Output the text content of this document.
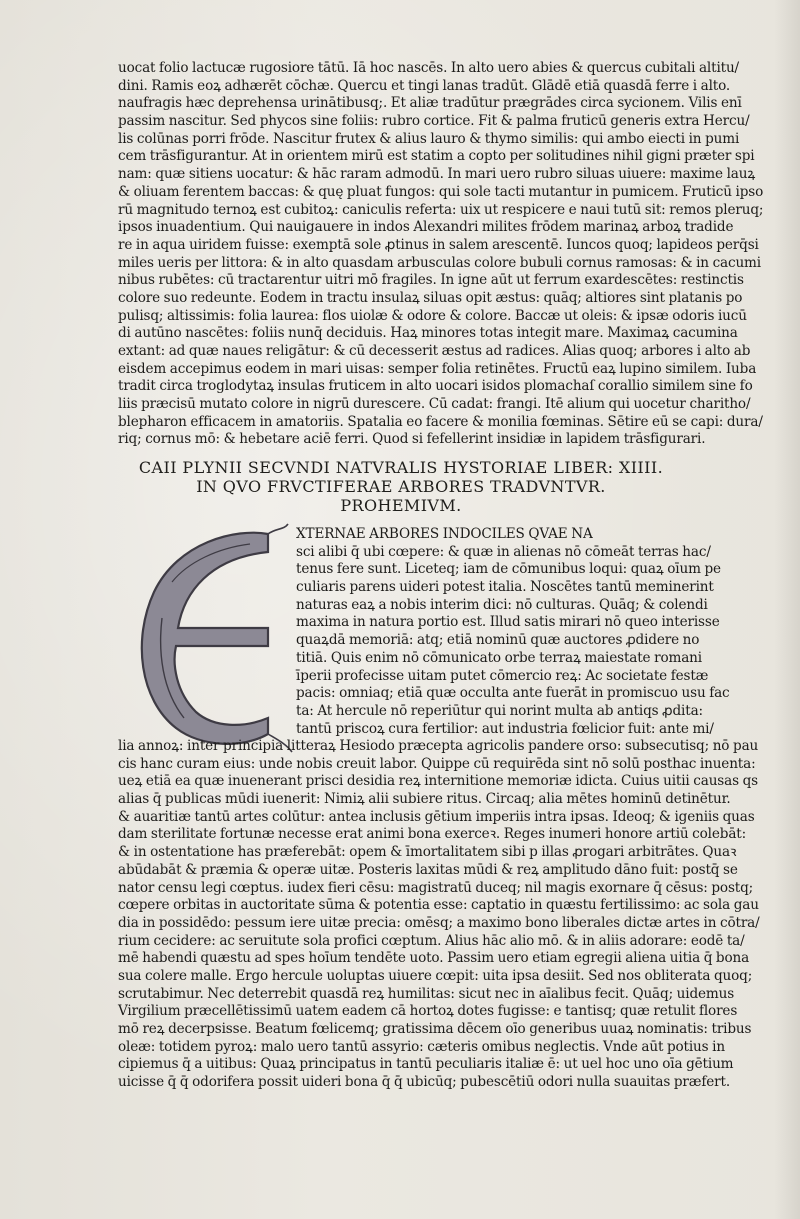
uocat folio lactucæ rugosiore tātū. Iā hoc nascēs. In alto uero abies & quercus cubitali altitu/
dini. Ramis eoꝝ adhærēt cōchæ. Quercu et tingi lanas tradūt. Glādē etiā quasdā ferre i alto.
naufragis hæc deprehensa urinātibusq;. Et aliæ tradūtur prægrādes circa sycionem. Vilis enī
passim nascitur. Sed phycos sine foliis: rubro cortice. Fit & palma fruticū generis extra Hercu/
lis colūnas porri frōde. Nascitur frutex & alius lauro & thymo similis: qui ambo eiecti in pumi
cem trāsfigurantur. At in orientem mirū est statim a copto per solitudines nihil gigni præter spi
nam: quæ sitiens uocatur: & hāc raram admodū. In mari uero rubro siluas uiuere: maxime lauꝝ
& oliuam ferentem baccas: & quę pluat fungos: qui sole tacti mutantur in pumicem. Fruticū ipso
rū magnitudo ternoꝝ est cubitoꝝ: caniculis referta: uix ut respicere e naui tutū sit: remos pleruq;
ipsos inuadentium. Qui nauigauere in indos Alexandri milites frōdem marinaꝝ arboꝝ tradide
re in aqua uiridem fuisse: exemptā sole ꝓtinus in salem arescentē. Iuncos quoq; lapideos perq̄si
miles ueris per littora: & in alto quasdam arbusculas colore bubuli cornus ramosas: & in cacumi
nibus rubētes: cū tractarentur uitri mō fragiles. In igne aūt ut ferrum exardescētes: restinctis
colore suo redeunte. Eodem in tractu insulaꝝ siluas opit æstus: quāq; altiores sint platanis po
pulisq; altissimis: folia laurea: flos uiolæ & odore & colore. Baccæ ut oleis: & ipsæ odoris iucū
di autūno nascētes: foliis nunq̄ deciduis. Haꝝ minores totas integit mare. Maximaꝝ cacumina
extant: ad quæ naues religātur: & cū decesserit æstus ad radices. Alias quoq; arbores i alto ab
eisdem accepimus eodem in mari uisas: semper folia retinētes. Fructū eaꝝ lupino similem. Iuba
tradit circa troglodytaꝝ insulas fruticem in alto uocari isidos plomachaſ corallio similem sine fo
liis præcisū mutato colore in nigrū durescere. Cū cadat: frangi. Itē alium qui uocetur charitho/
blepharon efficacem in amatoriis. Spatalia eo facere & monilia fœminas. Sētire eū se capi: dura/
riq; cornus mō: & hebetare aciē ferri. Quod si fefellerint insidiæ in lapidem trāsfigurari.
CAII PLYNII SECVNDI NATVRALIS HYSTORIAE LIBER: XIIII.
IN QVO FRVCTIFERAE ARBORES TRADVNTVR.
PROHEMIVM.
XTERNAE ARBORES INDOCILES QVAE NA
sci alibi q̄ ubi cœpere: & quæ in alienas nō cōmeāt terras hac/
tenus fere sunt. Liceteq; iam de cōmunibus loqui: quaꝝ oīum pe
culiaris parens uideri potest italia. Noscētes tantū meminerint
naturas eaꝝ a nobis interim dici: nō culturas. Quāq; & colendi
maxima in natura portio est. Illud satis mirari nō queo interisse
quaꝝdā memoriā: atq; etiā nominū quæ auctores ꝓdidere no
titiā. Quis enim nō cōmunicato orbe terraꝝ maiestate romani
īperii profecisse uitam putet cōmercio reꝝ: Ac societate festæ
pacis: omniaq; etiā quæ occulta ante fuerāt in promiscuo usu fac
ta: At hercule nō reperiūtur qui norint multa ab antiqs ꝓdita:
tantū priscoꝝ cura fertilior: aut industria fœlicior fuit: ante mi/
lia annoꝝ: inter principia litteraꝝ Hesiodo præcepta agricolis pandere orso: subsecutisq; nō pau
cis hanc curam eius: unde nobis creuit labor. Quippe cū requirēda sint nō solū posthac inuenta:
ueꝝ etiā ea quæ inuenerant prisci desidia reꝝ internitione memoriæ idicta. Cuius uitii causas qs
alias q̄ publicas mūdi iuenerit: Nimiꝝ alii subiere ritus. Circaq; alia mētes hominū detinētur.
& auaritiæ tantū artes colūtur: antea inclusis gētium imperiis intra ipsas. Ideoq; & igeniis quas
dam sterilitate fortunæ necesse erat animi bona exerceꝛ. Reges inumeri honore artiū colebāt:
& in ostentatione has præferebāt: opem & īmortalitatem sibi p illas ꝓrogari arbitrātes. Quaꝛ
abūdabāt & præmia & operæ uitæ. Posteris laxitas mūdi & reꝝ amplitudo dāno fuit: postq̄ se
nator censu legi cœptus. iudex fieri cēsu: magistratū duceq; nil magis exornare q̄ cēsus: postq;
cœpere orbitas in auctoritate sūma & potentia esse: captatio in quæstu fertilissimo: ac sola gau
dia in possidēdo: pessum iere uitæ precia: omēsq; a maximo bono liberales dictæ artes in cōtra/
rium cecidere: ac seruitute sola profici cœptum. Alius hāc alio mō. & in aliis adorare: eodē ta/
mē habendi quæstu ad spes hoīum tendēte uoto. Passim uero etiam egregii aliena uitia q̄ bona
sua colere malle. Ergo hercule uoluptas uiuere cœpit: uita ipsa desiit. Sed nos obliterata quoq;
scrutabimur. Nec deterrebit quasdā reꝝ humilitas: sicut nec in aīalibus fecit. Quāq; uidemus
Virgilium præcellētissimū uatem eadem cā hortoꝝ dotes fugisse: e tantisq; quæ retulit flores
mō reꝝ decerpsisse. Beatum fœlicemq; gratissima dēcem oīo generibus uuaꝝ nominatis: tribus
oleæ: totidem pyroꝝ: malo uero tantū assyrio: cæteris omibus neglectis. Vnde aūt potius in
cipiemus q̄ a uitibus: Quaꝝ principatus in tantū peculiaris italiæ ē: ut uel hoc uno oīa gētium
uicisse q̄ q̄ odorifera possit uideri bona q̄ q̄ ubicūq; pubescētiū odori nulla suauitas præfert.
